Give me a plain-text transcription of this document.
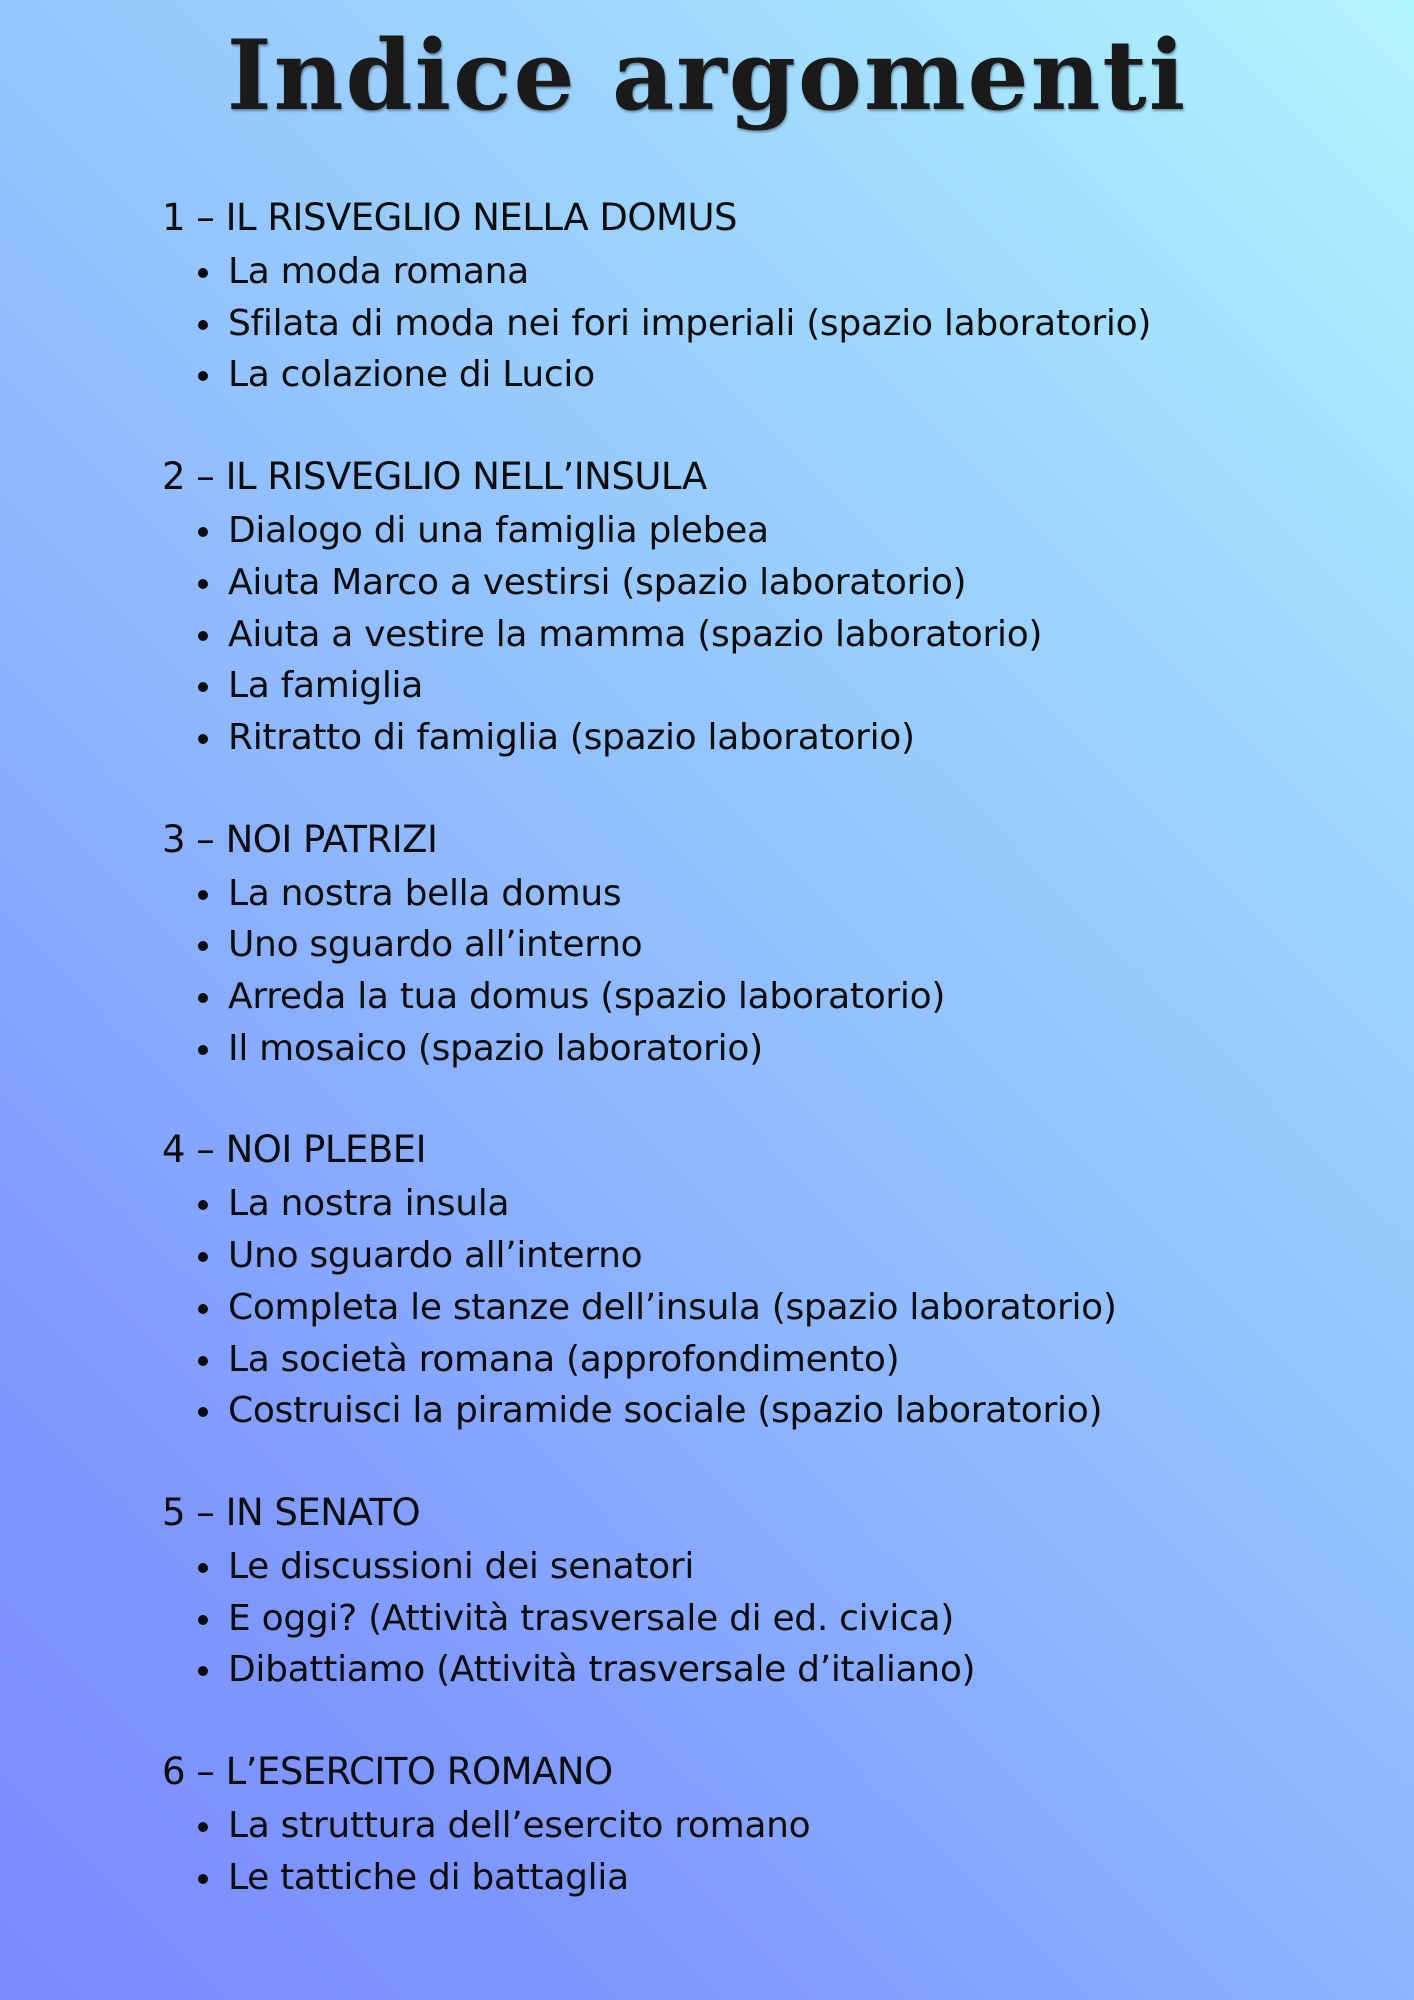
Indice argomenti
1 – IL RISVEGLIO NELLA DOMUS
La moda romana
Sfilata di moda nei fori imperiali (spazio laboratorio)
La colazione di Lucio
2 – IL RISVEGLIO NELL’INSULA
Dialogo di una famiglia plebea
Aiuta Marco a vestirsi (spazio laboratorio)
Aiuta a vestire la mamma (spazio laboratorio)
La famiglia
Ritratto di famiglia (spazio laboratorio)
3 – NOI PATRIZI
La nostra bella domus
Uno sguardo all’interno
Arreda la tua domus (spazio laboratorio)
Il mosaico (spazio laboratorio)
4 – NOI PLEBEI
La nostra insula
Uno sguardo all’interno
Completa le stanze dell’insula (spazio laboratorio)
La società romana (approfondimento)
Costruisci la piramide sociale (spazio laboratorio)
5 – IN SENATO
Le discussioni dei senatori
E oggi? (Attività trasversale di ed. civica)
Dibattiamo (Attività trasversale d’italiano)
6 – L’ESERCITO ROMANO
La struttura dell’esercito romano
Le tattiche di battaglia
